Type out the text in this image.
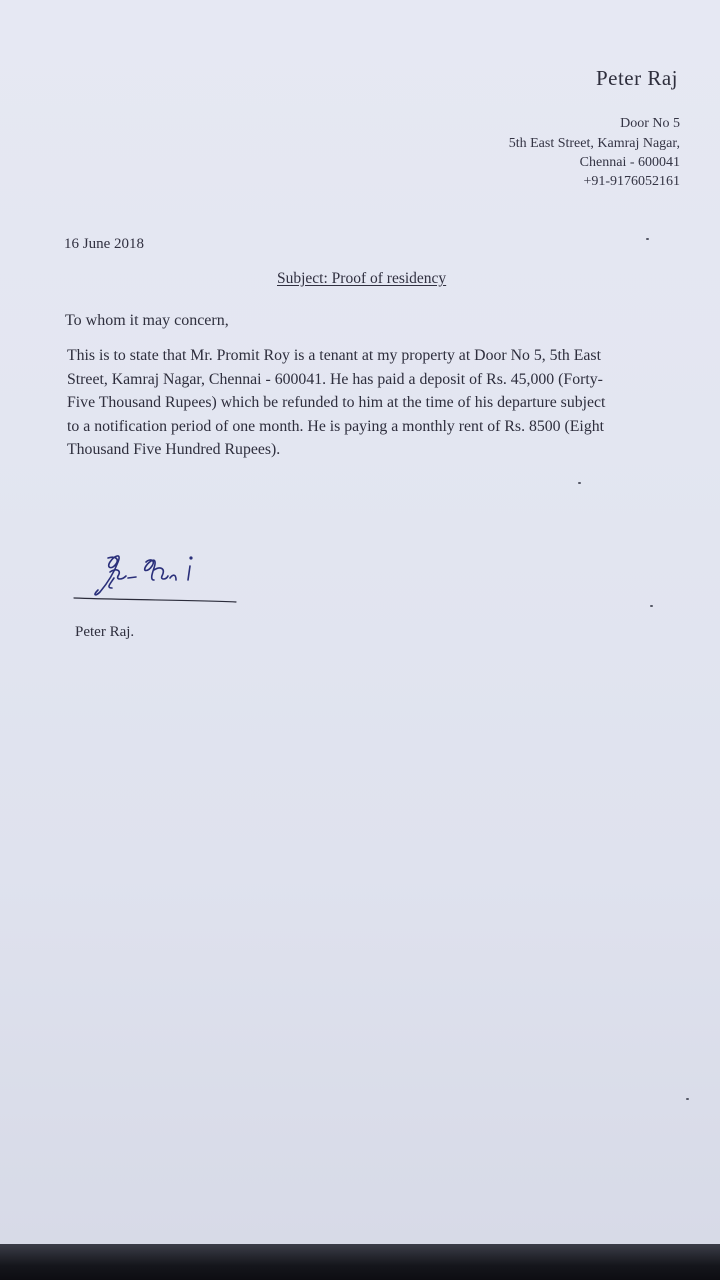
Peter Raj
Door No 5
5th East Street, Kamraj Nagar,
Chennai - 600041
+91-9176052161
16 June 2018
Subject: Proof of residency
To whom it may concern,
This is to state that Mr. Promit Roy is a tenant at my property at Door No 5, 5th East
Street, Kamraj Nagar, Chennai - 600041. He has paid a deposit of Rs. 45,000 (Forty-
Five Thousand Rupees) which be refunded to him at the time of his departure subject
to a notification period of one month. He is paying a monthly rent of Rs. 8500 (Eight
Thousand Five Hundred Rupees).
Peter Raj.
